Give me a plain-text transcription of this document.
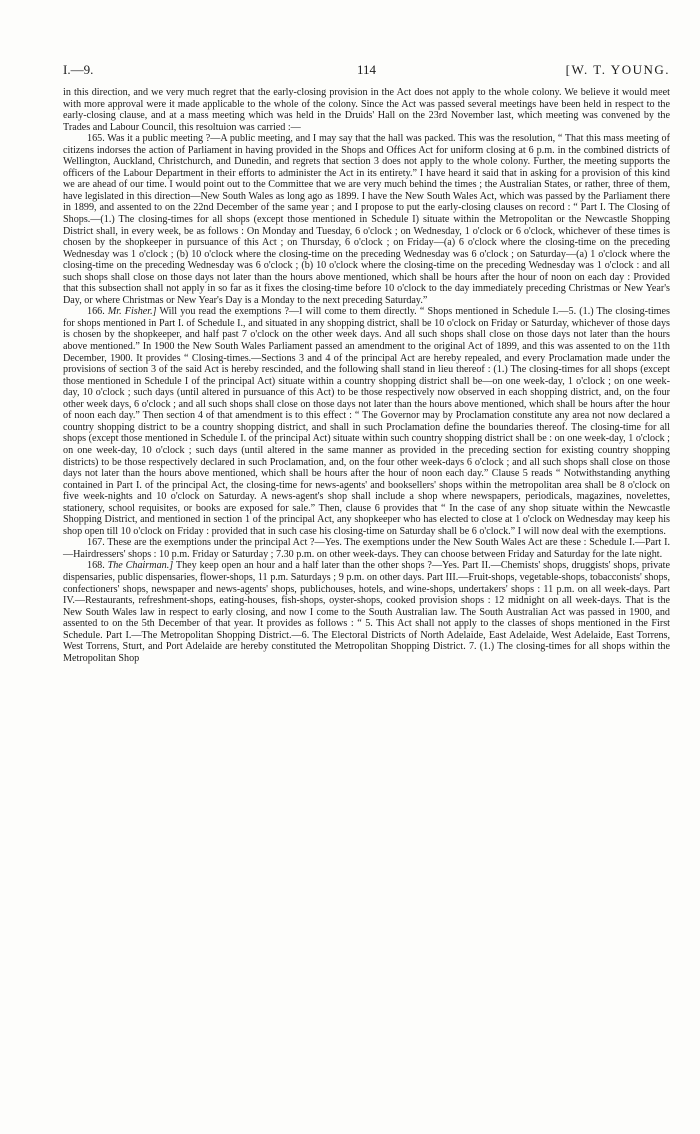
I.—9.	114	[W. T. YOUNG.

in this direction, and we very much regret that the early-closing provision in the Act does not apply to the whole colony. We believe it would meet with more approval were it made applicable to the whole of the colony. Since the Act was passed several meetings have been held in respect to the early-closing clause, and at a mass meeting which was held in the Druids' Hall on the 23rd November last, which meeting was convened by the Trades and Labour Council, this resoltuion was carried :—

165. Was it a public meeting ?—A public meeting, and I may say that the hall was packed. This was the resolution, “ That this mass meeting of citizens indorses the action of Parliament in having provided in the Shops and Offices Act for uniform closing at 6 p.m. in the combined districts of Wellington, Auckland, Christchurch, and Dunedin, and regrets that section 3 does not apply to the whole colony. Further, the meeting supports the officers of the Labour Department in their efforts to administer the Act in its entirety.” I have heard it said that in asking for a provision of this kind we are ahead of our time. I would point out to the Committee that we are very much behind the times ; the Australian States, or rather, three of them, have legislated in this direction—New South Wales as long ago as 1899. I have the New South Wales Act, which was passed by the Parliament there in 1899, and assented to on the 22nd December of the same year ; and I propose to put the early-closing clauses on record : “ Part I. The Closing of Shops.—(1.) The closing-times for all shops (except those mentioned in Schedule I) situate within the Metropolitan or the Newcastle Shopping District shall, in every week, be as follows : On Monday and Tuesday, 6 o'clock ; on Wednesday, 1 o'clock or 6 o'clock, whichever of these times is chosen by the shopkeeper in pursuance of this Act ; on Thursday, 6 o'clock ; on Friday—(a) 6 o'clock where the closing-time on the preceding Wednesday was 1 o'clock ; (b) 10 o'clock where the closing-time on the preceding Wednesday was 6 o'clock ; on Saturday—(a) 1 o'clock where the closing-time on the preceding Wednesday was 6 o'clock ; (b) 10 o'clock where the closing-time on the preceding Wednesday was 1 o'clock : and all such shops shall close on those days not later than the hours above mentioned, which shall be hours after the hour of noon on each day : Provided that this subsection shall not apply in so far as it fixes the closing-time before 10 o'clock to the day immediately preceding Christmas or New Year's Day, or where Christmas or New Year's Day is a Monday to the next preceding Saturday.”

166. Mr. Fisher.] Will you read the exemptions ?—I will come to them directly. “ Shops mentioned in Schedule I.—5. (1.) The closing-times for shops mentioned in Part I. of Schedule I., and situated in any shopping district, shall be 10 o'clock on Friday or Saturday, whichever of those days is chosen by the shopkeeper, and half past 7 o'clock on the other week days. And all such shops shall close on those days not later than the hours above mentioned.” In 1900 the New South Wales Parliament passed an amendment to the original Act of 1899, and this was assented to on the 11th December, 1900. It provides “ Closing-times.—Sections 3 and 4 of the principal Act are hereby repealed, and every Proclamation made under the provisions of section 3 of the said Act is hereby rescinded, and the following shall stand in lieu thereof : (1.) The closing-times for all shops (except those mentioned in Schedule I of the principal Act) situate within a country shopping district shall be—on one week-day, 1 o'clock ; on one week-day, 10 o'clock ; such days (until altered in pursuance of this Act) to be those respectively now observed in each shopping district, and, on the four other week days, 6 o'clock ; and all such shops shall close on those days not later than the hours above mentioned, which shall be hours after the hour of noon each day.” Then section 4 of that amendment is to this effect : “ The Governor may by Proclamation constitute any area not now declared a country shopping district to be a country shopping district, and shall in such Proclamation define the boundaries thereof. The closing-time for all shops (except those mentioned in Schedule I. of the principal Act) situate within such country shopping district shall be : on one week-day, 1 o'clock ; on one week-day, 10 o'clock ; such days (until altered in the same manner as provided in the preceding section for existing country shopping districts) to be those respectively declared in such Proclamation, and, on the four other week-days 6 o'clock ; and all such shops shall close on those days not later than the hours above mentioned, which shall be hours after the hour of noon each day.” Clause 5 reads “ Notwithstanding anything contained in Part I. of the principal Act, the closing-time for news-agents' and booksellers' shops within the metropolitan area shall be 8 o'clock on five week-nights and 10 o'clock on Saturday. A news-agent's shop shall include a shop where newspapers, periodicals, magazines, novelettes, stationery, school requisites, or books are exposed for sale.” Then, clause 6 provides that “ In the case of any shop situate within the Newcastle Shopping District, and mentioned in section 1 of the principal Act, any shopkeeper who has elected to close at 1 o'clock on Wednesday may keep his shop open till 10 o'clock on Friday : provided that in such case his closing-time on Saturday shall be 6 o'clock.” I will now deal with the exemptions.

167. These are the exemptions under the principal Act ?—Yes. The exemptions under the New South Wales Act are these : Schedule I.—Part I.—Hairdressers' shops : 10 p.m. Friday or Saturday ; 7.30 p.m. on other week-days. They can choose between Friday and Saturday for the late night.

168. The Chairman.] They keep open an hour and a half later than the other shops ?—Yes. Part II.—Chemists' shops, druggists' shops, private dispensaries, public dispensaries, flower-shops, 11 p.m. Saturdays ; 9 p.m. on other days. Part III.—Fruit-shops, vegetable-shops, tobacconists' shops, confectioners' shops, newspaper and news-agents' shops, publichouses, hotels, and wine-shops, undertakers' shops : 11 p.m. on all week-days. Part IV.—Restaurants, refreshment-shops, eating-houses, fish-shops, oyster-shops, cooked provision shops : 12 midnight on all week-days. That is the New South Wales law in respect to early closing, and now I come to the South Australian law. The South Australian Act was passed in 1900, and assented to on the 5th December of that year. It provides as follows : “ 5. This Act shall not apply to the classes of shops mentioned in the First Schedule. Part I.—The Metropolitan Shopping District.—6. The Electoral Districts of North Adelaide, East Adelaide, West Adelaide, East Torrens, West Torrens, Sturt, and Port Adelaide are hereby constituted the Metropolitan Shopping District. 7. (1.) The closing-times for all shops within the Metropolitan Shop
